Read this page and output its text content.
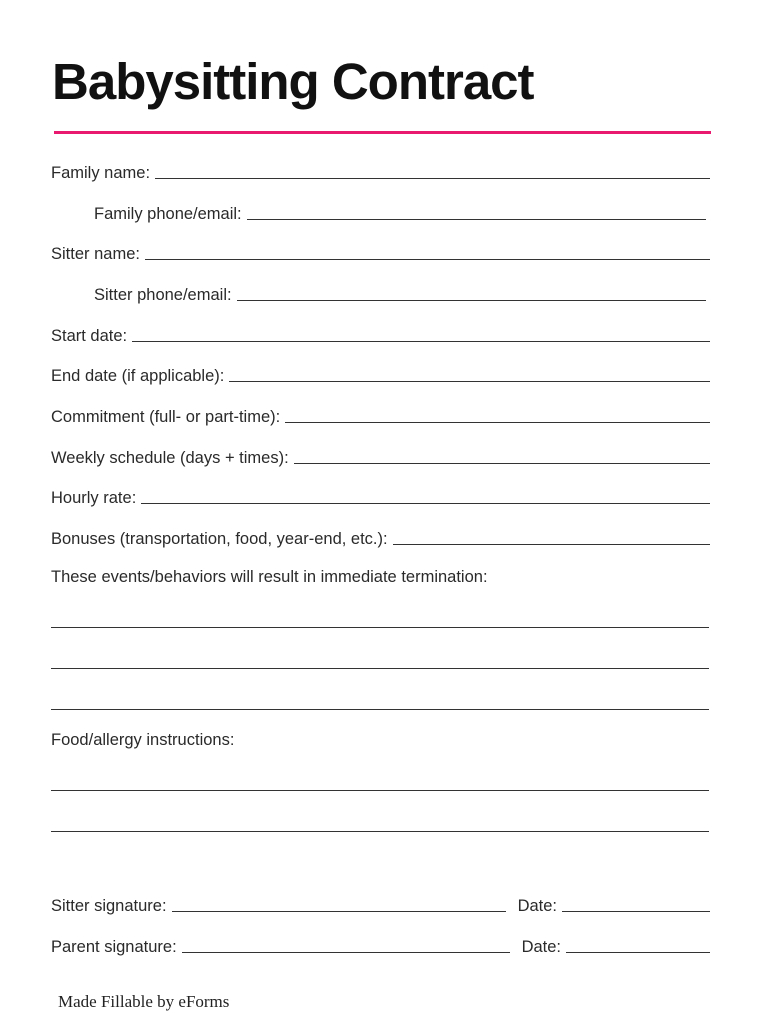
Babysitting Contract
Family name:
Family phone/email:
Sitter name:
Sitter phone/email:
Start date:
End date (if applicable):
Commitment (full- or part-time):
Weekly schedule (days + times):
Hourly rate:
Bonuses (transportation, food, year-end, etc.):
These events/behaviors will result in immediate termination:
Food/allergy instructions:
Sitter signature:	Date:
Parent signature:	Date:
Made Fillable by eForms
